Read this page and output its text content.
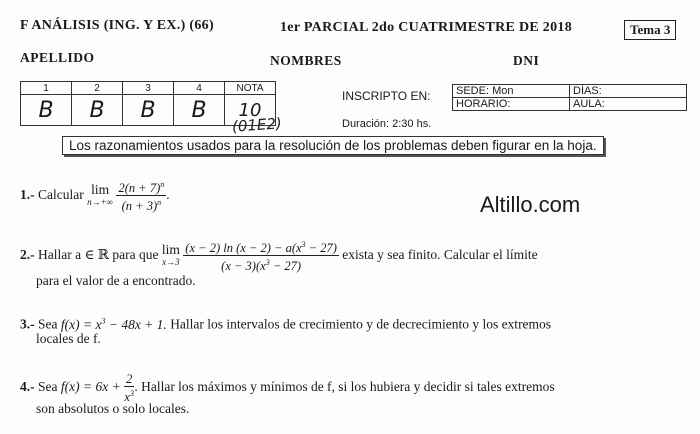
F ANÁLISIS (ING. Y EX.) (66)	1er PARCIAL 2do CUATRIMESTRE DE 2018	Tema 3
APELLIDO	NOMBRES	DNI
1	2	3	4	NOTA
B	B	B	B	10
(01E2)
INSCRIPTO EN: SEDE: Mon	DÍAS:
HORARIO:	AULA:
Duración: 2:30 hs.
Los razonamientos usados para la resolución de los problemas deben figurar en la hoja.
1.- Calcular lim
n→+∞
$\frac{2(n + 7)^n}{(n + 3)^n}$ .	Altillo.com
2.- Hallar a ∈ ℝ para que lim
x→3
$\frac{(x - 2) \ln (x - 2) - a(x^3 - 27)}{(x - 3)(x^3 - 27)}$ exista y sea finito. Calcular el límite
para el valor de a encontrado.
3.- Sea $f(x) = x^3 - 48x + 1$. Hallar los intervalos de crecimiento y de decrecimiento y los extremos
locales de f.
4.- Sea $f(x) = 6x + \frac{2}{x^3}$ . Hallar los máximos y mínimos de f, si los hubiera y decidir si tales extremos
son absolutos o solo locales.
